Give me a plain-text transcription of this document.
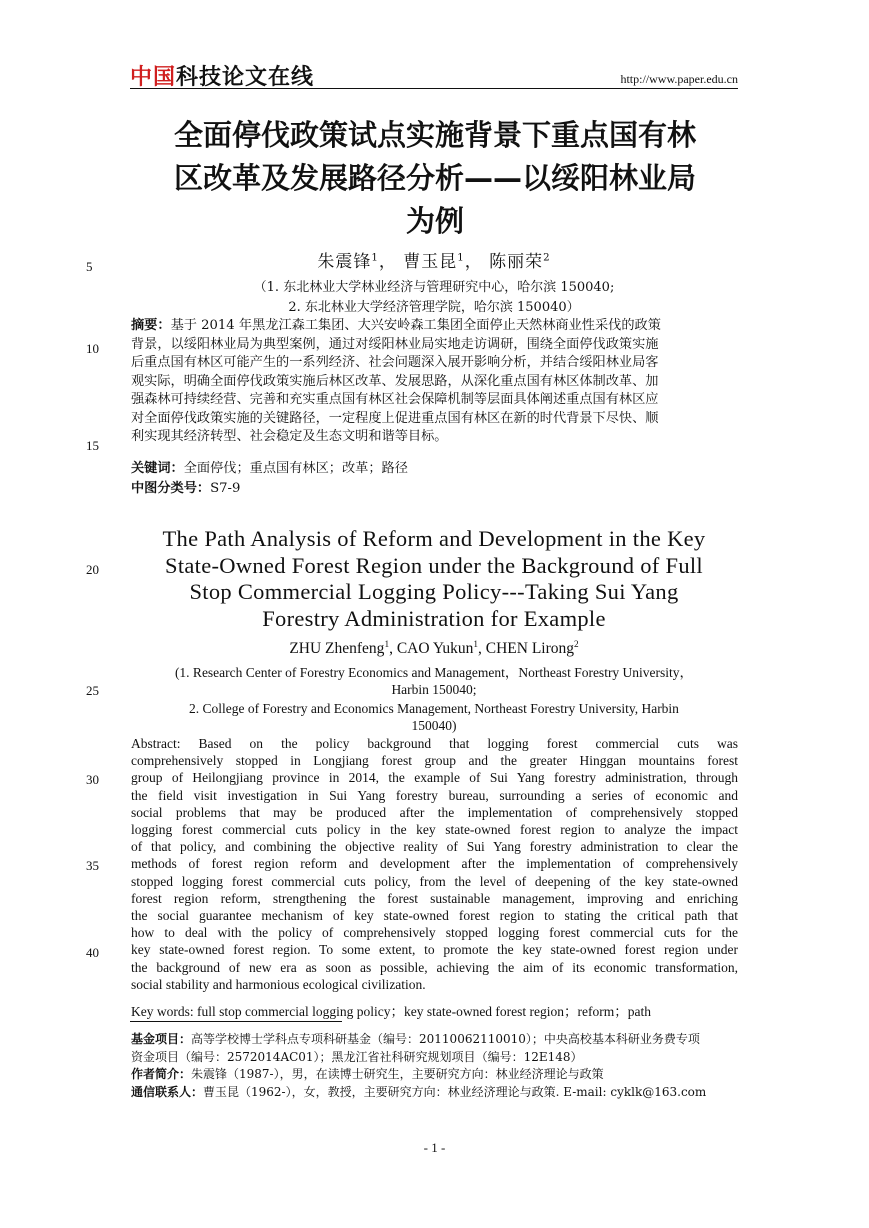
中国科技论文在线	http://www.paper.edu.cn
5
10
15
20
25
30
35
40
全面停伐政策试点实施背景下重点国有林
区改革及发展路径分析——以绥阳林业局
为例
朱震锋$^1$， 曹玉昆$^1$， 陈丽荣$^2$
（1. 东北林业大学林业经济与管理研究中心，哈尔滨 150040;
2. 东北林业大学经济管理学院，哈尔滨 150040）
摘要：基于 2014 年黑龙江森工集团、大兴安岭森工集团全面停止天然林商业性采伐的政策
背景，以绥阳林业局为典型案例，通过对绥阳林业局实地走访调研，围绕全面停伐政策实施
后重点国有林区可能产生的一系列经济、社会问题深入展开影响分析，并结合绥阳林业局客
观实际，明确全面停伐政策实施后林区改革、发展思路，从深化重点国有林区体制改革、加
强森林可持续经营、完善和充实重点国有林区社会保障机制等层面具体阐述重点国有林区应
对全面停伐政策实施的关键路径，一定程度上促进重点国有林区在新的时代背景下尽快、顺
利实现其经济转型、社会稳定及生态文明和谐等目标。
关键词：全面停伐；重点国有林区；改革；路径
中图分类号：S7-9
The Path Analysis of Reform and Development in the Key
State-Owned Forest Region under the Background of Full
Stop Commercial Logging Policy---Taking Sui Yang
Forestry Administration for Example
ZHU Zhenfeng$^1$, CAO Yukun$^1$, CHEN Lirong$^2$
(1. Research Center of Forestry Economics and Management，Northeast Forestry University，
Harbin 150040;
2. College of Forestry and Economics Management, Northeast Forestry University, Harbin
150040)
Abstract: Based on the policy background that logging forest commercial cuts was
comprehensively stopped in Longjiang forest group and the greater Hinggan mountains forest
group of Heilongjiang province in 2014, the example of Sui Yang forestry administration, through
the field visit investigation in Sui Yang forestry bureau, surrounding a series of economic and
social problems that may be produced after the implementation of comprehensively stopped
logging forest commercial cuts policy in the key state-owned forest region to analyze the impact
of that policy, and combining the objective reality of Sui Yang forestry administration to clear the
methods of forest region reform and development after the implementation of comprehensively
stopped logging forest commercial cuts policy, from the level of deepening of the key state-owned
forest region reform, strengthening the forest sustainable management, improving and enriching
the social guarantee mechanism of key state-owned forest region to stating the critical path that
how to deal with the policy of comprehensively stopped logging forest commercial cuts for the
key state-owned forest region. To some extent, to promote the key state-owned forest region under
the background of new era as soon as possible, achieving the aim of its economic transformation,
social stability and harmonious ecological civilization.
Key words: full stop commercial logging policy；key state-owned forest region；reform；path
基金项目：高等学校博士学科点专项科研基金（编号：20110062110010）；中央高校基本科研业务费专项
资金项目（编号：2572014AC01）；黑龙江省社科研究规划项目（编号：12E148）
作者简介：朱震锋（1987-），男，在读博士研究生，主要研究方向：林业经济理论与政策
通信联系人：曹玉昆（1962-），女，教授，主要研究方向：林业经济理论与政策. E-mail: cyklk@163.com
- 1 -
